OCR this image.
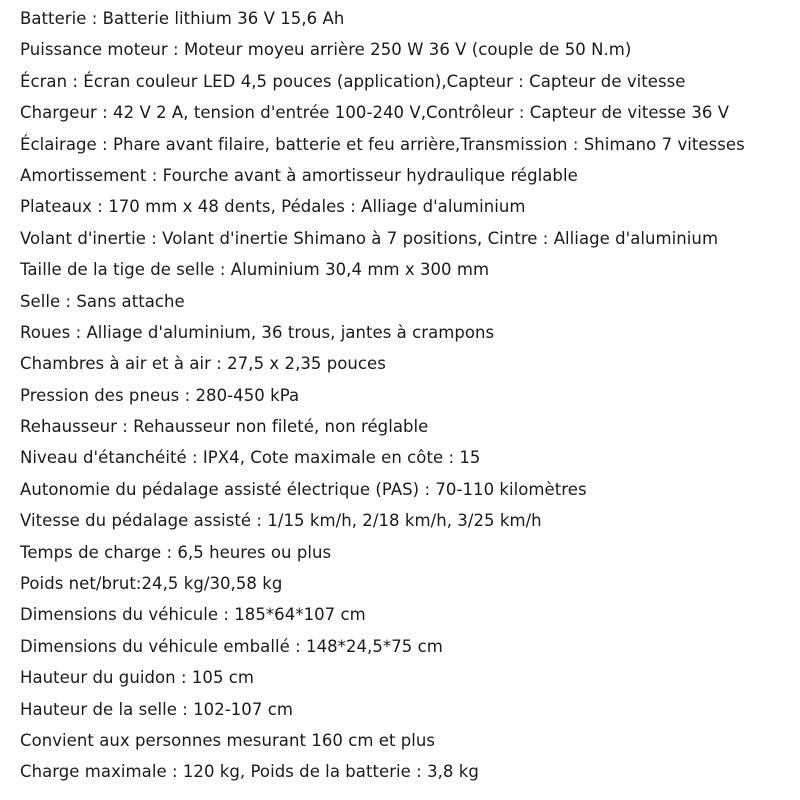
Batterie : Batterie lithium 36 V 15,6 Ah
Puissance moteur : Moteur moyeu arrière 250 W 36 V (couple de 50 N.m)
Écran : Écran couleur LED 4,5 pouces (application),Capteur : Capteur de vitesse
Chargeur : 42 V 2 A, tension d'entrée 100-240 V,Contrôleur : Capteur de vitesse 36 V
Éclairage : Phare avant filaire, batterie et feu arrière,Transmission : Shimano 7 vitesses
Amortissement : Fourche avant à amortisseur hydraulique réglable
Plateaux : 170 mm x 48 dents, Pédales : Alliage d'aluminium
Volant d'inertie : Volant d'inertie Shimano à 7 positions, Cintre : Alliage d'aluminium
Taille de la tige de selle : Aluminium 30,4 mm x 300 mm
Selle : Sans attache
Roues : Alliage d'aluminium, 36 trous, jantes à crampons
Chambres à air et à air : 27,5 x 2,35 pouces
Pression des pneus : 280-450 kPa
Rehausseur : Rehausseur non fileté, non réglable
Niveau d'étanchéité : IPX4, Cote maximale en côte : 15
Autonomie du pédalage assisté électrique (PAS) : 70-110 kilomètres
Vitesse du pédalage assisté : 1/15 km/h, 2/18 km/h, 3/25 km/h
Temps de charge : 6,5 heures ou plus
Poids net/brut:24,5 kg/30,58 kg
Dimensions du véhicule : 185*64*107 cm
Dimensions du véhicule emballé : 148*24,5*75 cm
Hauteur du guidon : 105 cm
Hauteur de la selle : 102-107 cm
Convient aux personnes mesurant 160 cm et plus
Charge maximale : 120 kg, Poids de la batterie : 3,8 kg
